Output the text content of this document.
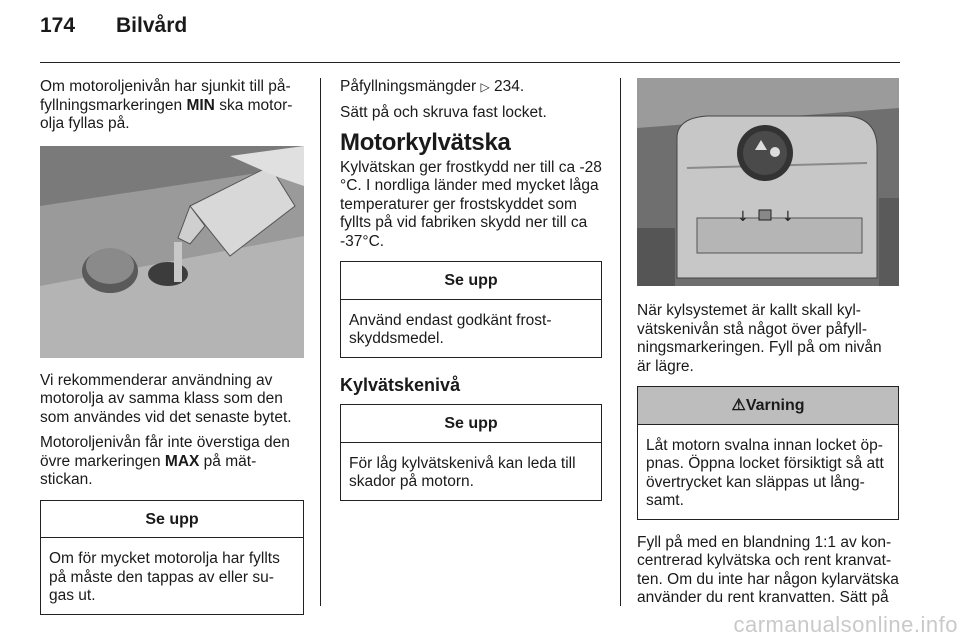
174 Bilvård

Om motoroljenivån har sjunkit till på-fyllningsmarkeringen MIN ska motor-olja fyllas på.

Vi rekommenderar användning av motorolja av samma klass som den som användes vid det senaste bytet.

Motoroljenivån får inte överstiga den övre markeringen MAX på mät-stickan.

Se upp
Om för mycket motorolja har fyllts på måste den tappas av eller su-gas ut.

Påfyllningsmängder ▷ 234.

Sätt på och skruva fast locket.

Motorkylvätska

Kylvätskan ger frostkydd ner till ca -28 °C. I nordliga länder med mycket låga temperaturer ger frostskyddet som fyllts på vid fabriken skydd ner till ca -37°C.

Se upp
Använd endast godkänt frost-skyddsmedel.
Kylvätskenivå
Se upp
För låg kylvätskenivå kan leda till skador på motorn.
↓ ↓

När kylsystemet är kallt skall kyl-vätskenivån stå något över påfyll-ningsmarkeringen. Fyll på om nivån är lägre.

⚠Varning
Låt motorn svalna innan locket öp-pnas. Öppna locket försiktigt så att övertrycket kan släppas ut lång-samt.

Fyll på med en blandning 1:1 av kon-centrerad kylvätska och rent kranvat-ten. Om du inte har någon kylarvätska använder du rent kranvatten. Sätt på

carmanualsonline.info
